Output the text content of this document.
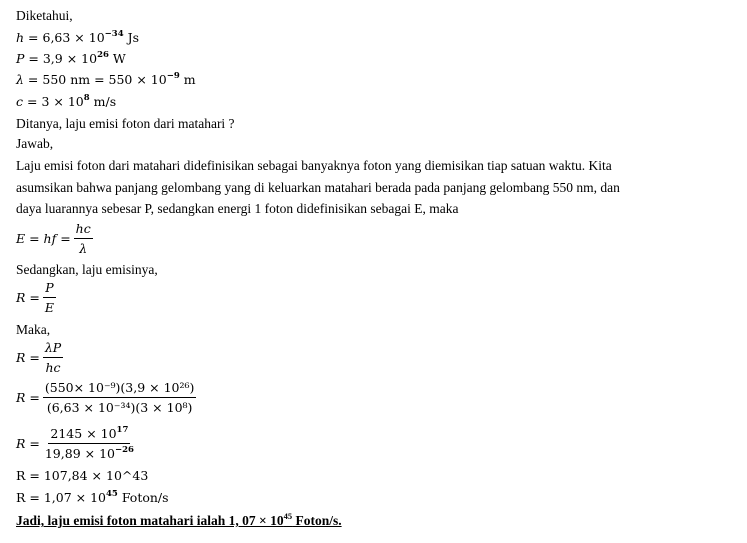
Diketahui,
$h = 6,63 \times 10^{-34}$ Js
$P = 3,9 \times 10^{26}$ W
λ = 550 nm = $550 \times 10^{-9}$ m
$c = 3 \times 10^8$ m/s
Ditanya, laju emisi foton dari matahari ?
Jawab,
Laju emisi foton dari matahari didefinisikan sebagai banyaknya foton yang diemisikan tiap satuan waktu. Kita
asumsikan bahwa panjang gelombang yang di keluarkan matahari berada pada panjang gelombang 550 nm, dan
daya luarannya sebesar P, sedangkan energi 1 foton didefinisikan sebagai E, maka
E = hf = $\frac{hc}{\lambda}$
Sedangkan, laju emisinya,
$R = \frac{P}{E}$
Maka,
$R = \frac{\lambda P}{hc}$
$R = \frac{\text{(550× 10⁻⁹)(3,9 × 10²⁶)}}{\text{(6,63 × 10⁻³⁴)(3 × 10⁸)}}$
$R = \frac{2145 \times 10^{17}}{19,89 \times 10^{-26}}$
R = 107,84 × 10^43
$R = 1,07 \times 10^{45}$ Foton/s
Jadi, laju emisi foton matahari ialah 1, $07 \times 10^{45}$ Foton/s.
